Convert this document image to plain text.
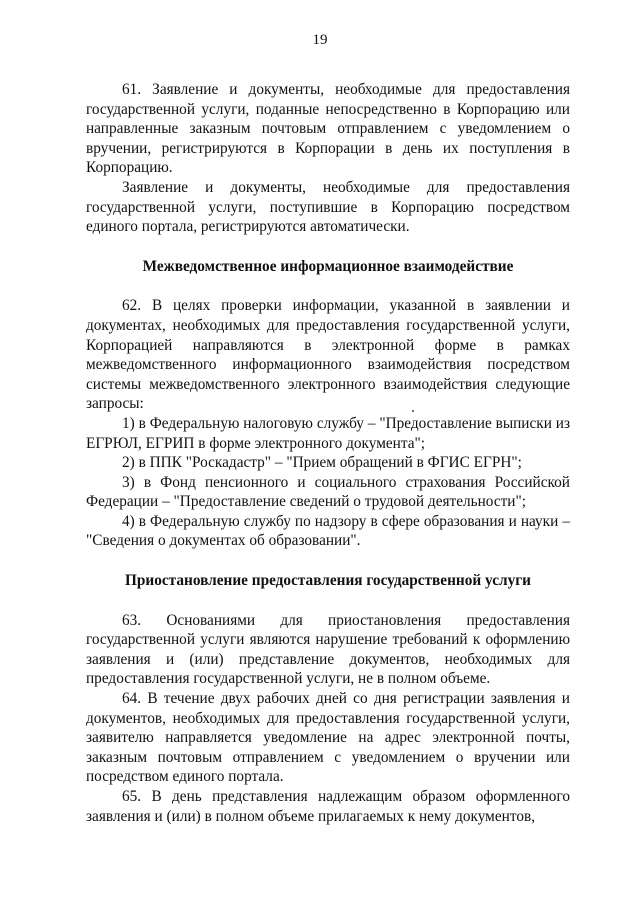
19

61. Заявление и документы, необходимые для предоставления государственной услуги, поданные непосредственно в Корпорацию или направленные заказным почтовым отправлением с уведомлением о вручении, регистрируются в Корпорации в день их поступления в Корпорацию.

Заявление и документы, необходимые для предоставления государственной услуги, поступившие в Корпорацию посредством единого портала, регистрируются автоматически.

Межведомственное информационное взаимодействие

62. В целях проверки информации, указанной в заявлении и документах, необходимых для предоставления государственной услуги, Корпорацией направляются в электронной форме в рамках межведомственного информационного взаимодействия посредством системы межведомственного электронного взаимодействия следующие запросы:

1) в Федеральную налоговую службу – "Предоставление выписки из ЕГРЮЛ, ЕГРИП в форме электронного документа";

2) в ППК "Роскадастр" – "Прием обращений в ФГИС ЕГРН";

3) в Фонд пенсионного и социального страхования Российской Федерации – "Предоставление сведений о трудовой деятельности";

4) в Федеральную службу по надзору в сфере образования и науки – "Сведения о документах об образовании".

Приостановление предоставления государственной услуги

63. Основаниями для приостановления предоставления государственной услуги являются нарушение требований к оформлению заявления и (или) представление документов, необходимых для предоставления государственной услуги, не в полном объеме.

64. В течение двух рабочих дней со дня регистрации заявления и документов, необходимых для предоставления государственной услуги, заявителю направляется уведомление на адрес электронной почты, заказным почтовым отправлением с уведомлением о вручении или посредством единого портала.

65. В день представления надлежащим образом оформленного заявления и (или) в полном объеме прилагаемых к нему документов,
